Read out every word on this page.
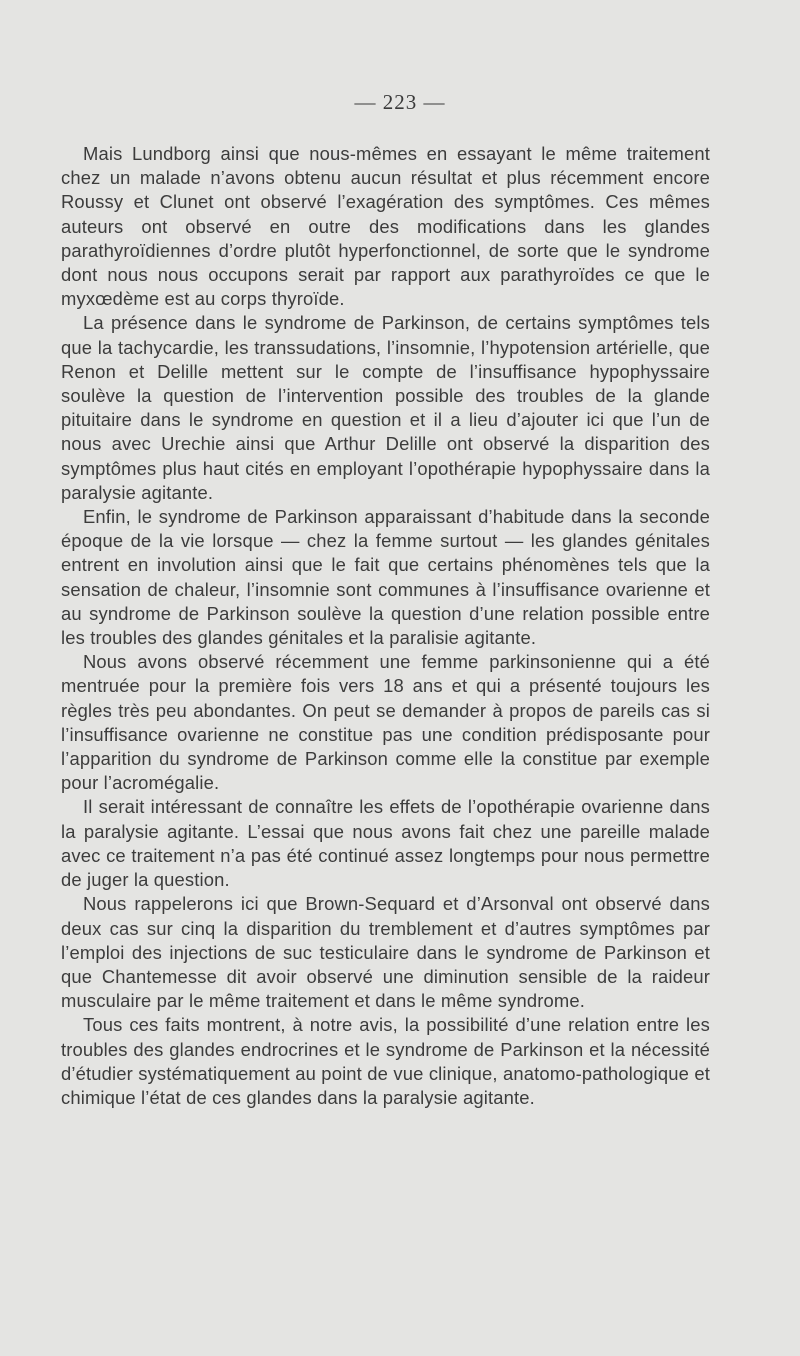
— 223 —

Mais Lundborg ainsi que nous-mêmes en essayant le même traitement chez un malade n’avons obtenu aucun résultat et plus récemment encore Roussy et Clunet ont observé l’exagération des symptômes. Ces mêmes auteurs ont observé en outre des modifications dans les glandes parathyroïdiennes d’ordre plutôt hyperfonctionnel, de sorte que le syndrome dont nous nous occupons serait par rapport aux parathyroïdes ce que le myxœdème est au corps thyroïde.

La présence dans le syndrome de Parkinson, de certains symptômes tels que la tachycardie, les transsudations, l’insomnie, l’hypotension artérielle, que Renon et Delille mettent sur le compte de l’insuffisance hypophyssaire soulève la question de l’intervention possible des troubles de la glande pituitaire dans le syndrome en question et il a lieu d’ajouter ici que l’un de nous avec Urechie ainsi que Arthur Delille ont observé la disparition des symptômes plus haut cités en employant l’opothérapie hypophyssaire dans la paralysie agitante.

Enfin, le syndrome de Parkinson apparaissant d’habitude dans la seconde époque de la vie lorsque — chez la femme surtout — les glandes génitales entrent en involution ainsi que le fait que certains phénomènes tels que la sensation de chaleur, l’insomnie sont communes à l’insuffisance ovarienne et au syndrome de Parkinson soulève la question d’une relation possible entre les troubles des glandes génitales et la paralisie agitante.

Nous avons observé récemment une femme parkinsonienne qui a été mentruée pour la première fois vers 18 ans et qui a présenté toujours les règles très peu abondantes. On peut se demander à propos de pareils cas si l’insuffisance ovarienne ne constitue pas une condition prédisposante pour l’apparition du syndrome de Parkinson comme elle la constitue par exemple pour l’acromégalie.

Il serait intéressant de connaître les effets de l’opothérapie ovarienne dans la paralysie agitante. L’essai que nous avons fait chez une pareille malade avec ce traitement n’a pas été continué assez longtemps pour nous permettre de juger la question.

Nous rappelerons ici que Brown-Sequard et d’Arsonval ont observé dans deux cas sur cinq la disparition du tremblement et d’autres symptômes par l’emploi des injections de suc testiculaire dans le syndrome de Parkinson et que Chantemesse dit avoir observé une diminution sensible de la raideur musculaire par le même traitement et dans le même syndrome.

Tous ces faits montrent, à notre avis, la possibilité d’une relation entre les troubles des glandes endrocrines et le syndrome de Parkinson et la nécessité d’étudier systématiquement au point de vue clinique, anatomo-pathologique et chimique l’état de ces glandes dans la paralysie agitante.
